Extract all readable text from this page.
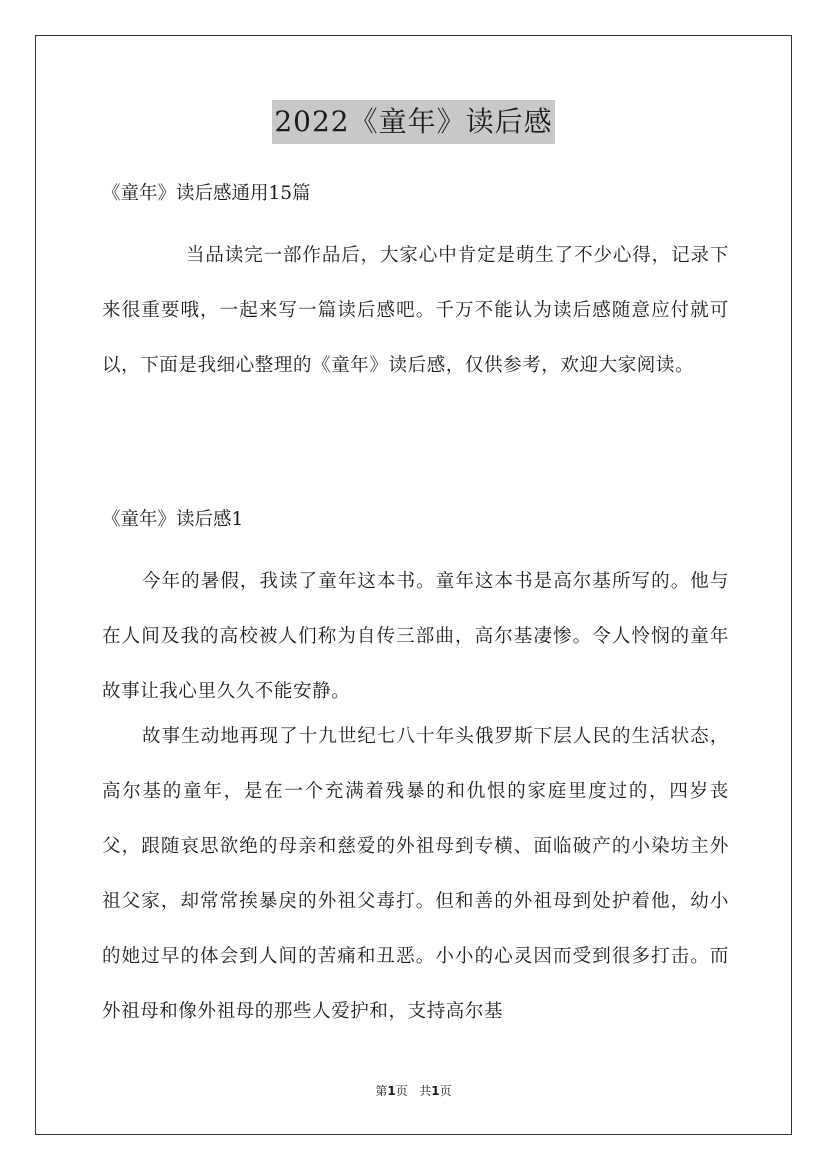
2022《童年》读后感
《童年》读后感通用15篇

当品读完一部作品后，大家心中肯定是萌生了不少心得，记录下来很重要哦，一起来写一篇读后感吧。千万不能认为读后感随意应付就可以，下面是我细心整理的《童年》读后感，仅供参考，欢迎大家阅读。

《童年》读后感1

今年的暑假，我读了童年这本书。童年这本书是高尔基所写的。他与在人间及我的高校被人们称为自传三部曲，高尔基凄惨。令人怜悯的童年故事让我心里久久不能安静。

故事生动地再现了十九世纪七八十年头俄罗斯下层人民的生活状态，高尔基的童年，是在一个充满着残暴的和仇恨的家庭里度过的，四岁丧父，跟随哀思欲绝的母亲和慈爱的外祖母到专横、面临破产的小染坊主外祖父家，却常常挨暴戾的外祖父毒打。但和善的外祖母到处护着他，幼小的她过早的体会到人间的苦痛和丑恶。小小的心灵因而受到很多打击。而外祖母和像外祖母的那些人爱护和，支持高尔基

第1页 共1页
